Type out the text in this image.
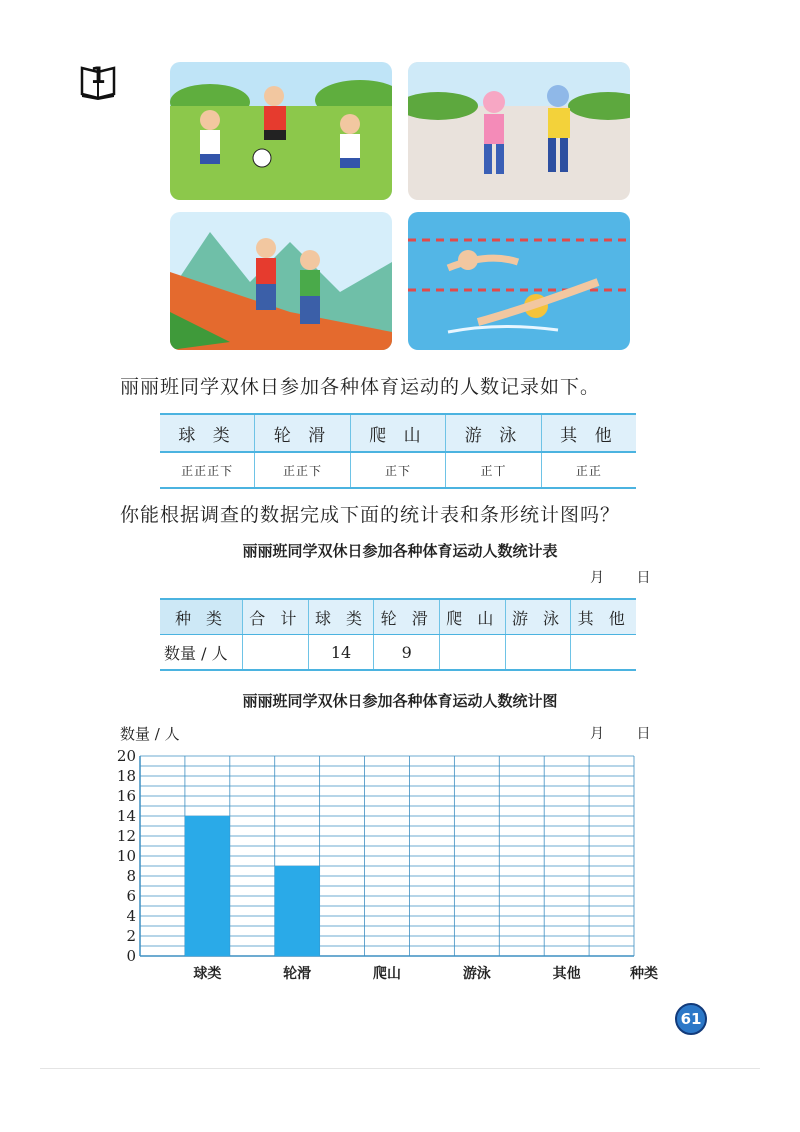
1
丽丽班同学双休日参加各种体育运动的人数记录如下。
球 类	轮 滑	爬 山	游 泳	其 他
正正正下	正正下	正下	正丅	正正
你能根据调查的数据完成下面的统计表和条形统计图吗？
丽丽班同学双休日参加各种体育运动人数统计表
月 日
种 类	合 计	球 类	轮 滑	爬 山	游 泳	其 他
数量 / 人		14	9			
丽丽班同学双休日参加各种体育运动人数统计图
数量 / 人	月 日
0
2
4
6
8
10
12
14
16
18
20
球类	轮滑	爬山	游泳	其他	种类
61
